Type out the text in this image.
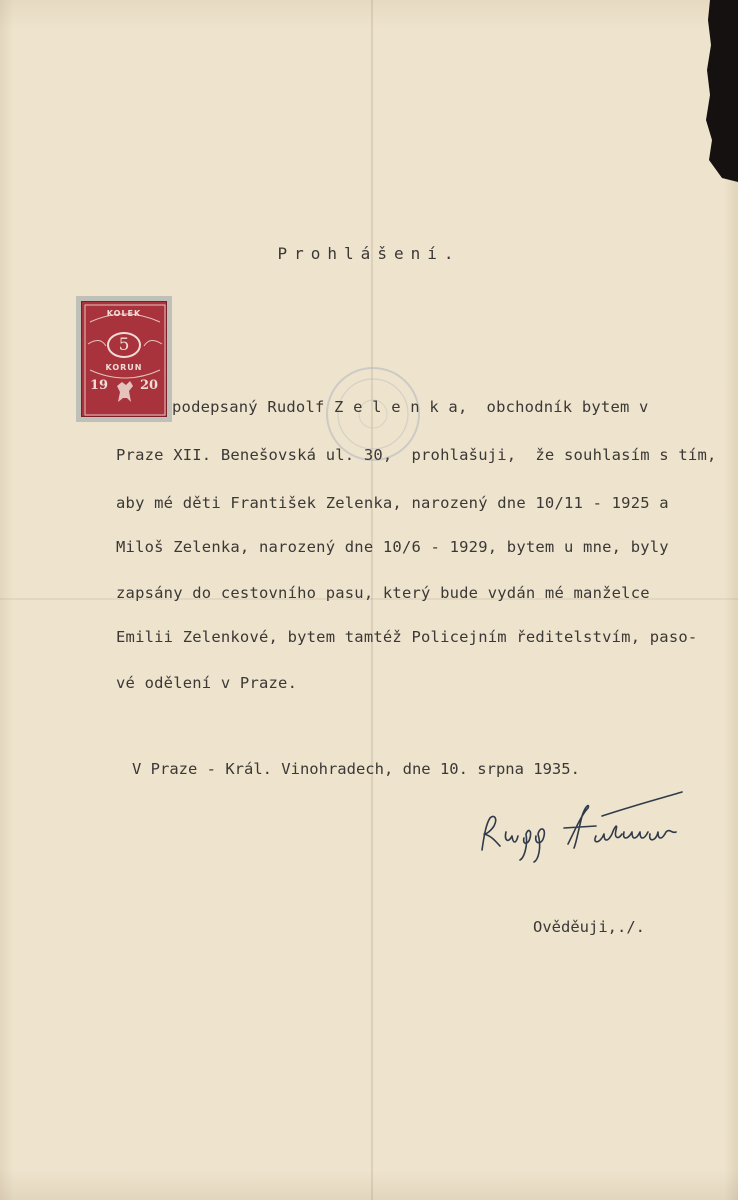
Prohlášení.
KOLEK
5
KORUN
19 20
podepsaný Rudolf Z e l e n k a,  obchodník bytem v
Praze XII. Benešovská ul. 30,  prohlašuji,  že souhlasím s tím,
aby mé děti František Zelenka, narozený dne 10/11 - 1925 a
Miloš Zelenka, narozený dne 10/6 - 1929, bytem u mne, byly
zapsány do cestovního pasu, který bude vydán mé manželce
Emilii Zelenkové, bytem tamtéž Policejním ředitelstvím, paso-
vé odělení v Praze.
V Praze - Král. Vinohradech, dne 10. srpna 1935.
Ověděuji,./.
